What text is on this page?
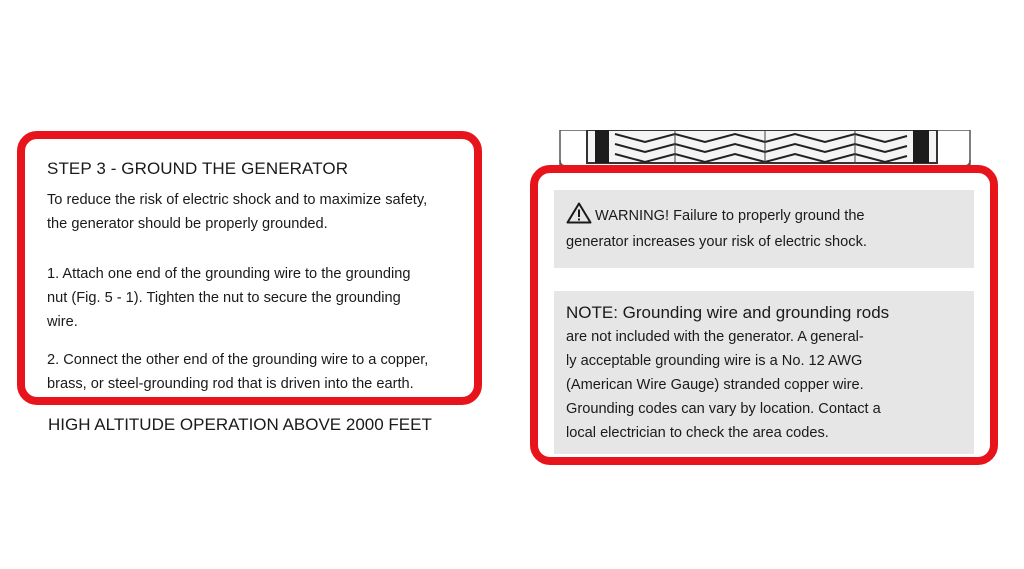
STEP 3 - GROUND THE GENERATOR

To reduce the risk of electric shock and to maximize safety,

the generator should be properly grounded.

1. Attach one end of the grounding wire to the grounding

nut (Fig. 5 - 1). Tighten the nut to secure the grounding

wire.

2. Connect the other end of the grounding wire to a copper,

brass, or steel-grounding rod that is driven into the earth.

HIGH ALTITUDE OPERATION ABOVE 2000 FEET

WARNING! Failure to properly ground the

generator increases your risk of electric shock.

NOTE: Grounding wire and grounding rods

are not included with the generator. A general-

ly acceptable grounding wire is a No. 12 AWG

(American Wire Gauge) stranded copper wire.

Grounding codes can vary by location. Contact a

local electrician to check the area codes.
